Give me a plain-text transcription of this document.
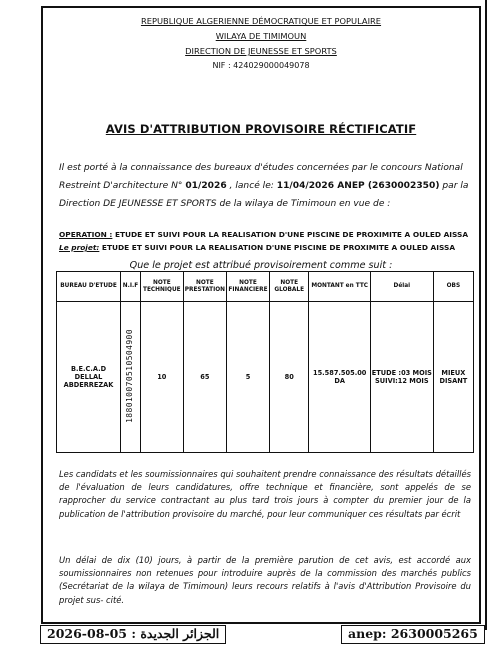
REPUBLIQUE ALGERIENNE DÉMOCRATIQUE ET POPULAIRE
WILAYA DE TIMIMOUN
DIRECTION DE JEUNESSE ET SPORTS
NIF : 424029000049078
AVIS D'ATTRIBUTION PROVISOIRE RÉCTIFICATIF
Il est porté à la connaissance des bureaux d'études concernées par le concours National Restreint D'architecture N° 01/2026 , lancé le: 11/04/2026 ANEP (2630002350) par la Direction DE JEUNESSE ET SPORTS de la wilaya de Timimoun en vue de :
OPERATION : ETUDE ET SUIVI POUR LA REALISATION D'UNE PISCINE DE PROXIMITE A OULED AISSA
Le projet: ETUDE ET SUIVI POUR LA REALISATION D'UNE PISCINE DE PROXIMITE A OULED AISSA
Que le projet est attribué provisoirement comme suit :
BUREAU D'ETUDE	N.I.F	NOTE TECHNIQUE	NOTE PRESTATION	NOTE FINANCIERE	NOTE GLOBALE	MONTANT en TTC	Délai	OBS
B.E.C.A.D DELLAL ABDERREZAK	188010070510504900	10	65	5	80	15.587.505.00 DA	ETUDE :03 MOIS SUIVI:12 MOIS	MIEUX DISANT
Les candidats et les soumissionnaires qui souhaitent prendre connaissance des résultats détaillés de l'évaluation de leurs candidatures, offre technique et financière, sont appelés de se rapprocher du service contractant au plus tard trois jours à compter du premier jour de la publication de l'attribution provisoire du marché, pour leur communiquer ces résultats par écrit
Un délai de dix (10) jours, à partir de la première parution de cet avis, est accordé aux soumissionnaires non retenues pour introduire auprès de la commission des marchés publics (Secrétariat de la wilaya de Timimoun) leurs recours relatifs à l'avis d'Attribution Provisoire du projet sus- cité.
الجزائر الجديدة : 05-08-2026	anep: 2630005265
